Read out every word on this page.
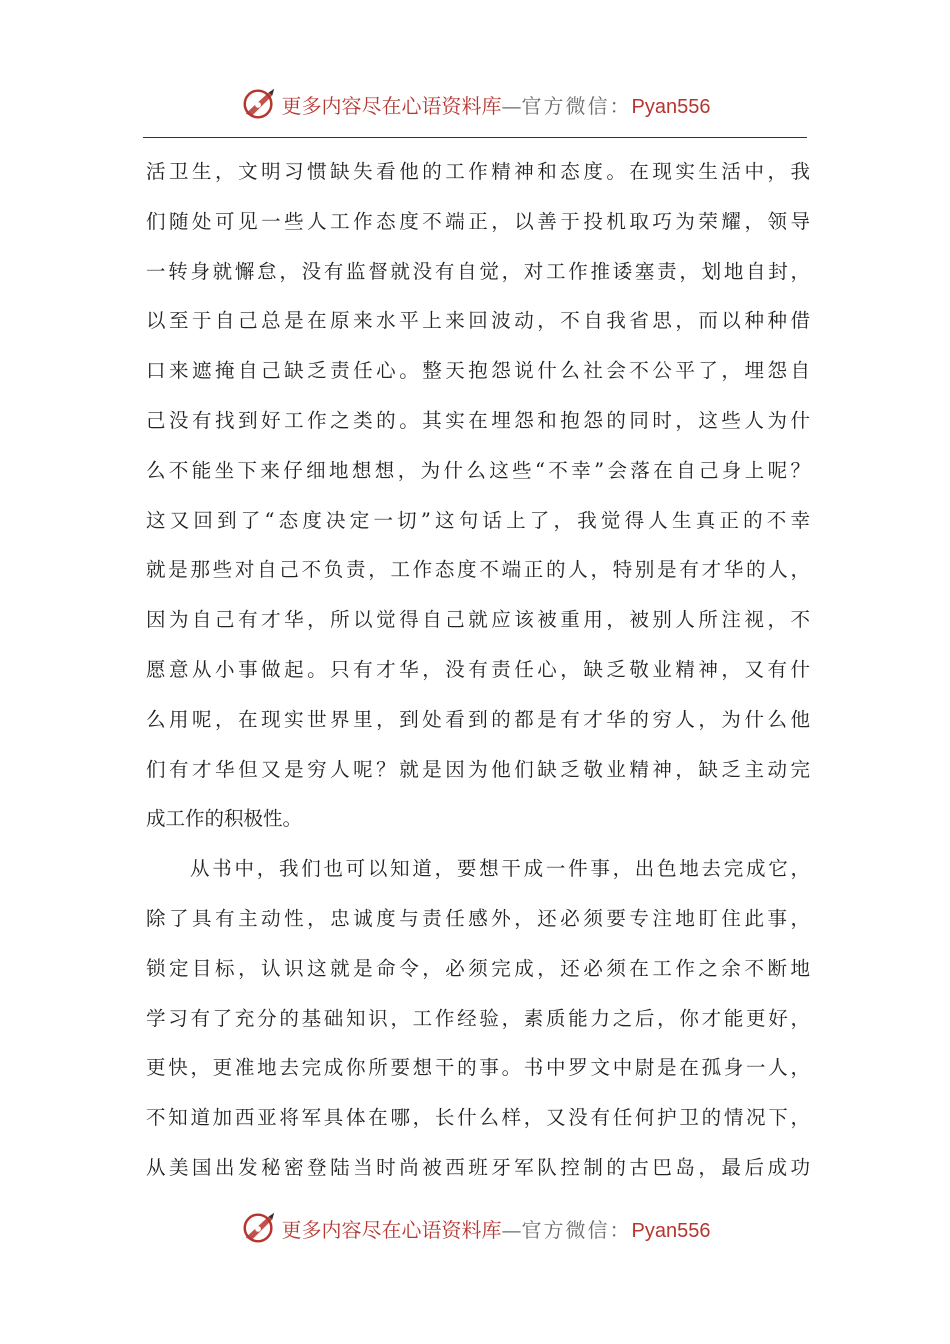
更多内容尽在心语资料库—官方微信：Pyan556
活卫生，文明习惯缺失看他的工作精神和态度。在现实生活中，我
们随处可见一些人工作态度不端正，以善于投机取巧为荣耀，领导
一转身就懈怠，没有监督就没有自觉，对工作推诿塞责，划地自封，
以至于自己总是在原来水平上来回波动，不自我省思，而以种种借
口来遮掩自己缺乏责任心。整天抱怨说什么社会不公平了，埋怨自
己没有找到好工作之类的。其实在埋怨和抱怨的同时，这些人为什
么不能坐下来仔细地想想，为什么这些“不幸”会落在自己身上呢？
这又回到了“态度决定一切”这句话上了，我觉得人生真正的不幸
就是那些对自己不负责，工作态度不端正的人，特别是有才华的人，
因为自己有才华，所以觉得自己就应该被重用，被别人所注视，不
愿意从小事做起。只有才华，没有责任心，缺乏敬业精神，又有什
么用呢，在现实世界里，到处看到的都是有才华的穷人，为什么他
们有才华但又是穷人呢？就是因为他们缺乏敬业精神，缺乏主动完
成工作的积极性。
从书中，我们也可以知道，要想干成一件事，出色地去完成它，
除了具有主动性，忠诚度与责任感外，还必须要专注地盯住此事，
锁定目标，认识这就是命令，必须完成，还必须在工作之余不断地
学习有了充分的基础知识，工作经验，素质能力之后，你才能更好，
更快，更准地去完成你所要想干的事。书中罗文中尉是在孤身一人，
不知道加西亚将军具体在哪，长什么样，又没有任何护卫的情况下，
从美国出发秘密登陆当时尚被西班牙军队控制的古巴岛，最后成功
更多内容尽在心语资料库—官方微信：Pyan556
